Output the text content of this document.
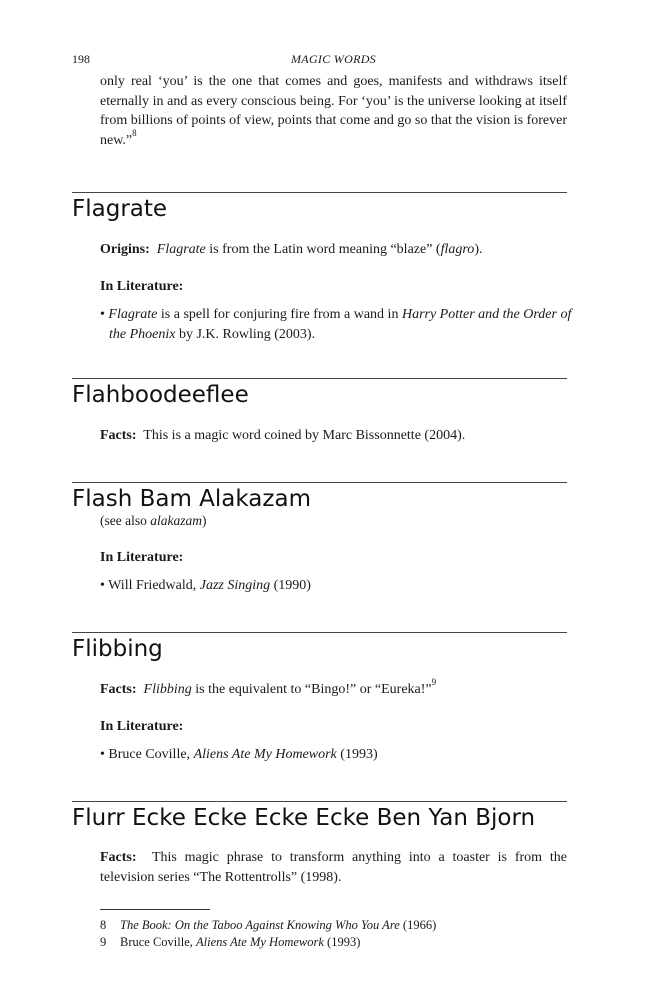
198	MAGIC WORDS
only real ‘you’ is the one that comes and goes, manifests and withdraws itself eternally in and as every conscious being. For ‘you’ is the universe looking at itself from billions of points of view, points that come and go so that the vision is forever new.”$^8$
Flagrate
Origins: Flagrate is from the Latin word meaning “blaze” (flagro).
In Literature:
• Flagrate is a spell for conjuring fire from a wand in Harry Potter and the Order of the Phoenix by J.K. Rowling (2003).
Flahboodeeflee
Facts: This is a magic word coined by Marc Bissonnette (2004).
Flash Bam Alakazam
(see also alakazam)
In Literature:
• Will Friedwald, Jazz Singing (1990)
Flibbing
Facts: Flibbing is the equivalent to “Bingo!” or “Eureka!”$^9$
In Literature:
• Bruce Coville, Aliens Ate My Homework (1993)
Flurr Ecke Ecke Ecke Ecke Ben Yan Bjorn
Facts: This magic phrase to transform anything into a toaster is from the television series “The Rottentrolls” (1998).
8 The Book: On the Taboo Against Knowing Who You Are (1966)
9 Bruce Coville, Aliens Ate My Homework (1993)
